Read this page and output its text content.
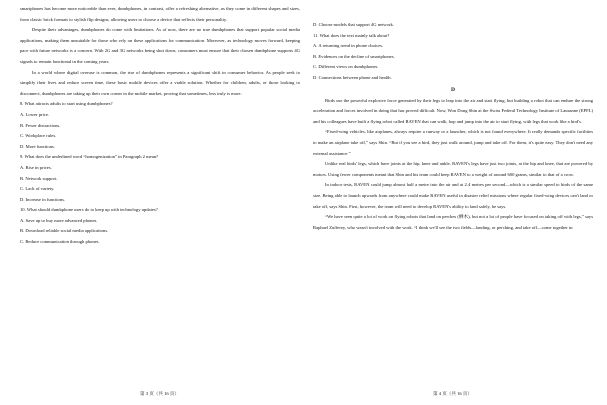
smartphones has become more noticeable than ever, dumbphones, in contrast, offer a refreshing alternative, as they come in different shapes and sizes, from classic brick formats to stylish flip designs, allowing users to choose a device that reflects their personality.

Despite their advantages, dumbphones do come with limitations. As of now, there are no true dumbphones that support popular social media applications, making them unsuitable for those who rely on these applications for communication. Moreover, as technology moves forward, keeping pace with future networks is a concern. With 2G and 3G networks being shut down, consumers must ensure that their chosen dumbphone supports 4G signals to remain functional in the coming years.

In a world where digital overuse is common, the rise of dumbphones represents a significant shift in consumer behavior. As people seek to simplify their lives and reduce screen time, these basic mobile devices offer a viable solution. Whether for children, adults, or those looking to disconnect, dumbphones are taking up their own corner in the mobile market, proving that sometimes, less truly is more.

8. What attracts adults to start using dumbphones?

A. Lower price.

B. Fewer distractions.

C. Workplace rules.

D. More functions.

9. What does the underlined word “homogenization” in Paragraph 2 mean?

A. Rise in prices.

B. Network support.

C. Lack of variety.

D. Increase in functions.

10. What should dumbphone users do to keep up with technology updates?

A. Save up to buy more advanced phones.

B. Download reliable social media applications.

C. Reduce communication through phones.

D. Choose models that support 4G network.

11. What does the text mainly talk about?

A. A returning trend in phone choices.

B. Evidences on the decline of smartphones.

C. Different views on dumbphones.

D. Connections between phone and health.

D

Birds use the powerful explosive force generated by their legs to leap into the air and start flying, but building a robot that can endure the strong acceleration and forces involved in doing that has proved difficult. Now, Won Dong Shin at the Swiss Federal Technology Institute of Lausanne (EPFL) and his colleagues have built a flying robot called RAVEN that can walk, hop and jump into the air to start flying, with legs that work like a bird's.

“Fixed-wing vehicles, like airplanes, always require a runway or a launcher, which is not found everywhere. It really demands specific facilities to make an airplane take off,” says Shin. “But if you see a bird, they just walk around, jump and take off. For them, it's quite easy. They don't need any external assistance.”

Unlike real birds' legs, which have joints at the hip, knee and ankle, RAVEN's legs have just two joints, at the hip and knee, that are powered by motors. Using fewer components meant that Shin and his team could keep RAVEN to a weight of around 600 grams, similar to that of a crow.

In indoor tests, RAVEN could jump almost half a metre into the air and at 2.4 metres per second—which is a similar speed to birds of the same size. Being able to launch upwards from anywhere could make RAVEN useful in disaster relief missions where regular fixed-wing devices can't land or take off, says Shin. First, however, the team will need to develop RAVEN's ability to land safely, he says.

“We have seen quite a lot of work on flying robots that land on perches (栖木), but not a lot of people have focused on taking off with legs,” says Raphael Zufferey, who wasn't involved with the work. “I think we'll see the two fields—landing, or perching, and take off—come together in

第 3 页（共 16 页）	第 4 页（共 16 页）
